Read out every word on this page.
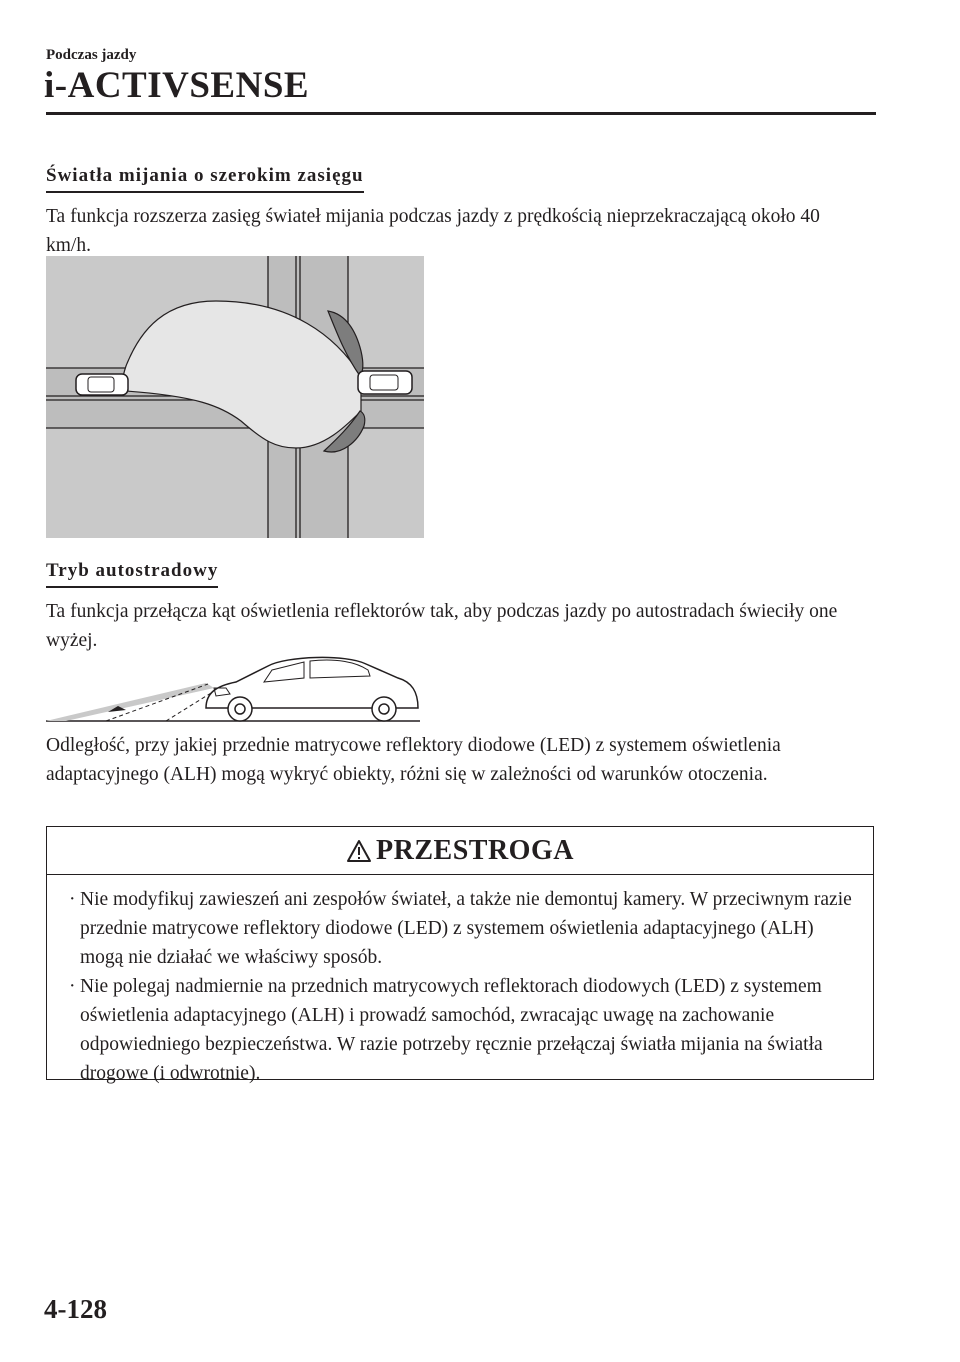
Podczas jazdy
i-ACTIVSENSE
Światła mijania o szerokim zasięgu
Ta funkcja rozszerza zasięg świateł mijania podczas jazdy z prędkością nieprzekraczającą około 40 km/h.
Tryb autostradowy
Ta funkcja przełącza kąt oświetlenia reflektorów tak, aby podczas jazdy po autostradach świeciły one wyżej.
Odległość, przy jakiej przednie matrycowe reflektory diodowe (LED) z systemem oświetlenia adaptacyjnego (ALH) mogą wykryć obiekty, różni się w zależności od warunków otoczenia.
PRZESTROGA
· Nie modyfikuj zawieszeń ani zespołów świateł, a także nie demontuj kamery. W przeciwnym razie przednie matrycowe reflektory diodowe (LED) z systemem oświetlenia adaptacyjnego (ALH) mogą nie działać we właściwy sposób.
· Nie polegaj nadmiernie na przednich matrycowych reflektorach diodowych (LED) z systemem oświetlenia adaptacyjnego (ALH) i prowadź samochód, zwracając uwagę na zachowanie odpowiedniego bezpieczeństwa. W razie potrzeby ręcznie przełączaj światła mijania na światła drogowe (i odwrotnie).
4-128
